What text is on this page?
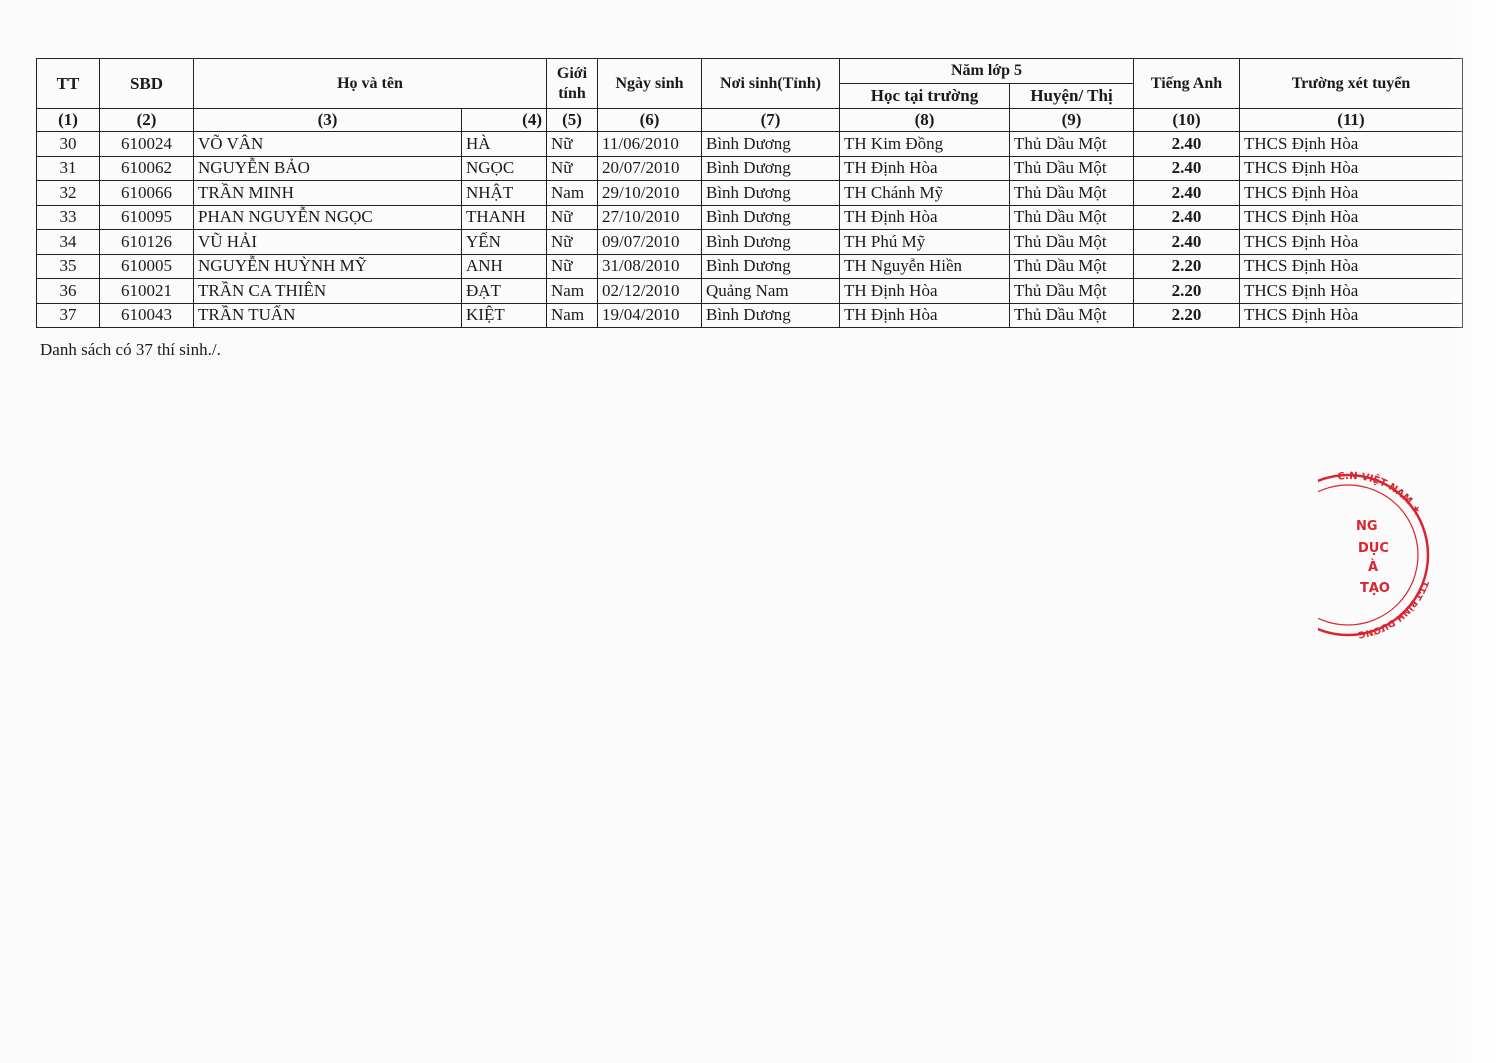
TT	SBD	Họ và tên		Giới tính	Ngày sinh	Nơi sinh(Tỉnh)	Năm lớp 5		Tiếng Anh	Trường xét tuyển
							Học tại trường	Huyện/ Thị		
(1)	(2)	(3)	(4)	(5)	(6)	(7)	(8)	(9)	(10)	(11)
30	610024	VÕ VÂN	HÀ	Nữ	11/06/2010	Bình Dương	TH Kim Đồng	Thủ Dầu Một	2.40	THCS Định Hòa
31	610062	NGUYỄN BẢO	NGỌC	Nữ	20/07/2010	Bình Dương	TH Định Hòa	Thủ Dầu Một	2.40	THCS Định Hòa
32	610066	TRẦN MINH	NHẬT	Nam	29/10/2010	Bình Dương	TH Chánh Mỹ	Thủ Dầu Một	2.40	THCS Định Hòa
33	610095	PHAN NGUYỄN NGỌC	THANH	Nữ	27/10/2010	Bình Dương	TH Định Hòa	Thủ Dầu Một	2.40	THCS Định Hòa
34	610126	VŨ HẢI	YẾN	Nữ	09/07/2010	Bình Dương	TH Phú Mỹ	Thủ Dầu Một	2.40	THCS Định Hòa
35	610005	NGUYỄN HUỲNH MỸ	ANH	Nữ	31/08/2010	Bình Dương	TH Nguyễn Hiền	Thủ Dầu Một	2.20	THCS Định Hòa
36	610021	TRẦN CA THIÊN	ĐẠT	Nam	02/12/2010	Quảng Nam	TH Định Hòa	Thủ Dầu Một	2.20	THCS Định Hòa
37	610043	TRẦN TUẤN	KIỆT	Nam	19/04/2010	Bình Dương	TH Định Hòa	Thủ Dầu Một	2.20	THCS Định Hòa
Danh sách có 37 thí sinh./.
C.N VIỆT NAM ★
TT-T.BÌNH DƯƠNG
NG
DỤC
À
TẠO
